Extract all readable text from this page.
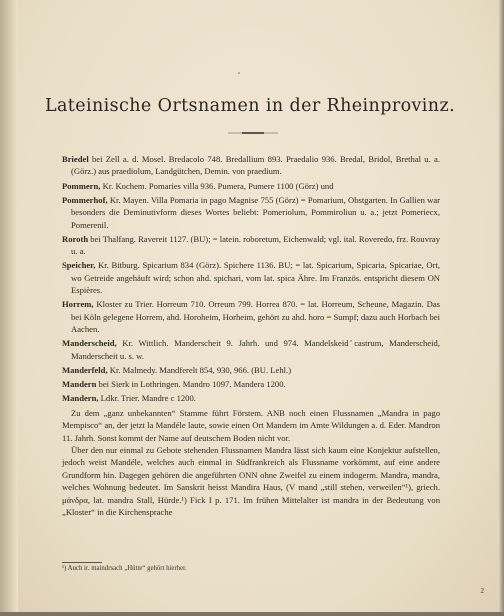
Lateinische Ortsnamen in der Rheinprovinz.

Briedel bei Zell a. d. Mosel. Bredacolo 748. Bredallium 893. Praedalio 936. Bredal, Bridol, Brethal u. a. (Görz.) aus praediolum, Landgütchen, Demin. von praedium.

Pommern, Kr. Kochem. Pomaries villa 936. Pumera, Pumere 1100 (Görz) und

Pommerhof, Kr. Mayen. Villa Pomaria in pago Magnise 755 (Görz) = Pomarium, Obstgarten. In Gallien war besonders die Deminutivform dieses Wortes beliebt: Pomeriolum, Pommiroliun u. a.; jetzt Pomeriecx, Pomerenil.

Roroth bei Thalfang. Ravereit 1127. (BU); = latein. roboretum, Eichenwald; vgl. ital. Roveredo, frz. Rouvray u. a.

Speicher, Kr. Bitburg. Spicarium 834 (Görz). Spichere 1136. BU; = lat. Spicarium, Spicaria, Spicariae, Ort, wo Getreide angehäuft wird; schon ahd. spichari, vom lat. spica Ähre. Im Französ. entspricht diesem ON Espières.

Horrem, Kloster zu Trier. Horreum 710. Orreum 799. Horrea 870. = lat. Horreum, Scheune, Magazin. Das bei Köln gelegene Horrem, ahd. Horoheim, Horheim, gehört zu ahd. horo = Sumpf; dazu auch Horbach bei Aachen.

Manderscheid, Kr. Wittlich. Manderscheit 9. Jahrh. und 974. Mandelskeid castrum, Manderscheid, Manderscheit u. s. w.

Manderfeld, Kr. Malmedy. Mandferelt 854, 930, 966. (BU. Lehl.)

Mandern bei Sierk in Lothringen. Mandro 1097. Mandera 1200.

Mandern, Ldkr. Trier. Mandre c 1200.

Zu dem „ganz unbekannten“ Stamme führt Förstem. ANB noch einen Flussnamen „Mandra in pago Mempisco“ an, der jetzt la Mandéle laute, sowie einen Ort Mandern im Amte Wildungen a. d. Eder. Mandron 11. Jahrh. Sonst kommt der Name auf deutschem Boden nicht vor.

Über den nur einmal zu Gebote stehenden Flussnamen Mandra lässt sich kaum eine Konjektur aufstellen, jedoch weist Mandéle, welches auch einmal in Südfrankreich als Flussname vorkömmt, auf eine andere Grundform hin. Dagegen gehören die angeführten ONN ohne Zweifel zu einem indogerm. Mandra, mandra, welches Wohnung bedeutet. Im Sanskrit heisst Mandira Haus, (V mand „still stehen, verweilen“¹), griech. μάνδρα, lat. mandra Stall, Hürde.¹) Fick I p. 171. Im frühen Mittelalter ist mandra in der Bedeutung von „Kloster“ in die Kirchensprache

¹) Auch ir. maindrsach „Hütte“ gehört hierher.
2
